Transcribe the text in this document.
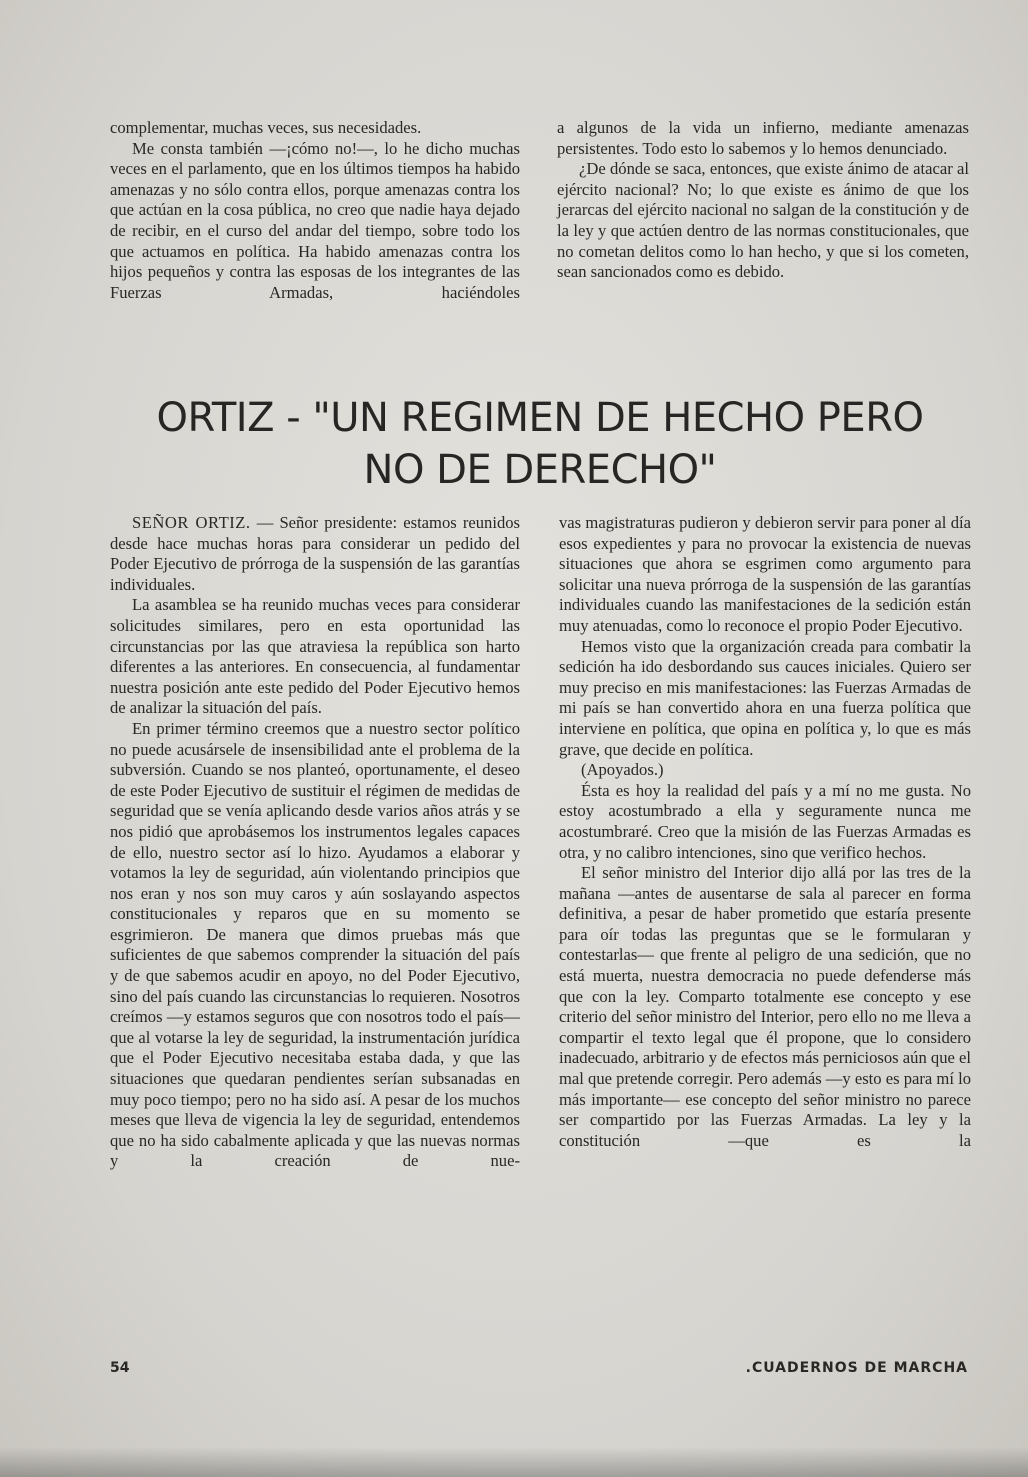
complementar, muchas veces, sus necesidades.

Me consta también —¡cómo no!—, lo he dicho muchas veces en el parlamento, que en los últimos tiempos ha habido amenazas y no sólo contra ellos, porque amenazas contra los que actúan en la cosa pública, no creo que nadie haya dejado de recibir, en el curso del andar del tiempo, sobre todo los que actuamos en política. Ha habido amenazas contra los hijos pequeños y contra las esposas de los integrantes de las Fuerzas Armadas, haciéndoles

a algunos de la vida un infierno, mediante amenazas persistentes. Todo esto lo sabemos y lo hemos denunciado.

¿De dónde se saca, entonces, que existe ánimo de atacar al ejército nacional? No; lo que existe es ánimo de que los jerarcas del ejército nacional no salgan de la constitución y de la ley y que actúen dentro de las normas constitucionales, que no cometan delitos como lo han hecho, y que si los cometen, sean sancionados como es debido.

ORTIZ - "UN REGIMEN DE HECHO PERO
NO DE DERECHO"

SEÑOR ORTIZ. — Señor presidente: estamos reunidos desde hace muchas horas para considerar un pedido del Poder Ejecutivo de prórroga de la suspensión de las garantías individuales.

La asamblea se ha reunido muchas veces para considerar solicitudes similares, pero en esta oportunidad las circunstancias por las que atraviesa la república son harto diferentes a las anteriores. En consecuencia, al fundamentar nuestra posición ante este pedido del Poder Ejecutivo hemos de analizar la situación del país.

En primer término creemos que a nuestro sector político no puede acusársele de insensibilidad ante el problema de la subversión. Cuando se nos planteó, oportunamente, el deseo de este Poder Ejecutivo de sustituir el régimen de medidas de seguridad que se venía aplicando desde varios años atrás y se nos pidió que aprobásemos los instrumentos legales capaces de ello, nuestro sector así lo hizo. Ayudamos a elaborar y votamos la ley de seguridad, aún violentando principios que nos eran y nos son muy caros y aún soslayando aspectos constitucionales y reparos que en su momento se esgrimieron. De manera que dimos pruebas más que suficientes de que sabemos comprender la situación del país y de que sabemos acudir en apoyo, no del Poder Ejecutivo, sino del país cuando las circunstancias lo requieren. Nosotros creímos —y estamos seguros que con nosotros todo el país— que al votarse la ley de seguridad, la instrumentación jurídica que el Poder Ejecutivo necesitaba estaba dada, y que las situaciones que quedaran pendientes serían subsanadas en muy poco tiempo; pero no ha sido así. A pesar de los muchos meses que lleva de vigencia la ley de seguridad, entendemos que no ha sido cabalmente aplicada y que las nuevas normas y la creación de nue-

vas magistraturas pudieron y debieron servir para poner al día esos expedientes y para no provocar la existencia de nuevas situaciones que ahora se esgrimen como argumento para solicitar una nueva prórroga de la suspensión de las garantías individuales cuando las manifestaciones de la sedición están muy atenuadas, como lo reconoce el propio Poder Ejecutivo.

Hemos visto que la organización creada para combatir la sedición ha ido desbordando sus cauces iniciales. Quiero ser muy preciso en mis manifestaciones: las Fuerzas Armadas de mi país se han convertido ahora en una fuerza política que interviene en política, que opina en política y, lo que es más grave, que decide en política.

(Apoyados.)

Ésta es hoy la realidad del país y a mí no me gusta. No estoy acostumbrado a ella y seguramente nunca me acostumbraré. Creo que la misión de las Fuerzas Armadas es otra, y no calibro intenciones, sino que verifico hechos.

El señor ministro del Interior dijo allá por las tres de la mañana —antes de ausentarse de sala al parecer en forma definitiva, a pesar de haber prometido que estaría presente para oír todas las preguntas que se le formularan y contestarlas— que frente al peligro de una sedición, que no está muerta, nuestra democracia no puede defenderse más que con la ley. Comparto totalmente ese concepto y ese criterio del señor ministro del Interior, pero ello no me lleva a compartir el texto legal que él propone, que lo considero inadecuado, arbitrario y de efectos más perniciosos aún que el mal que pretende corregir. Pero además —y esto es para mí lo más importante— ese concepto del señor ministro no parece ser compartido por las Fuerzas Armadas. La ley y la constitución —que es la

54	.CUADERNOS DE MARCHA
